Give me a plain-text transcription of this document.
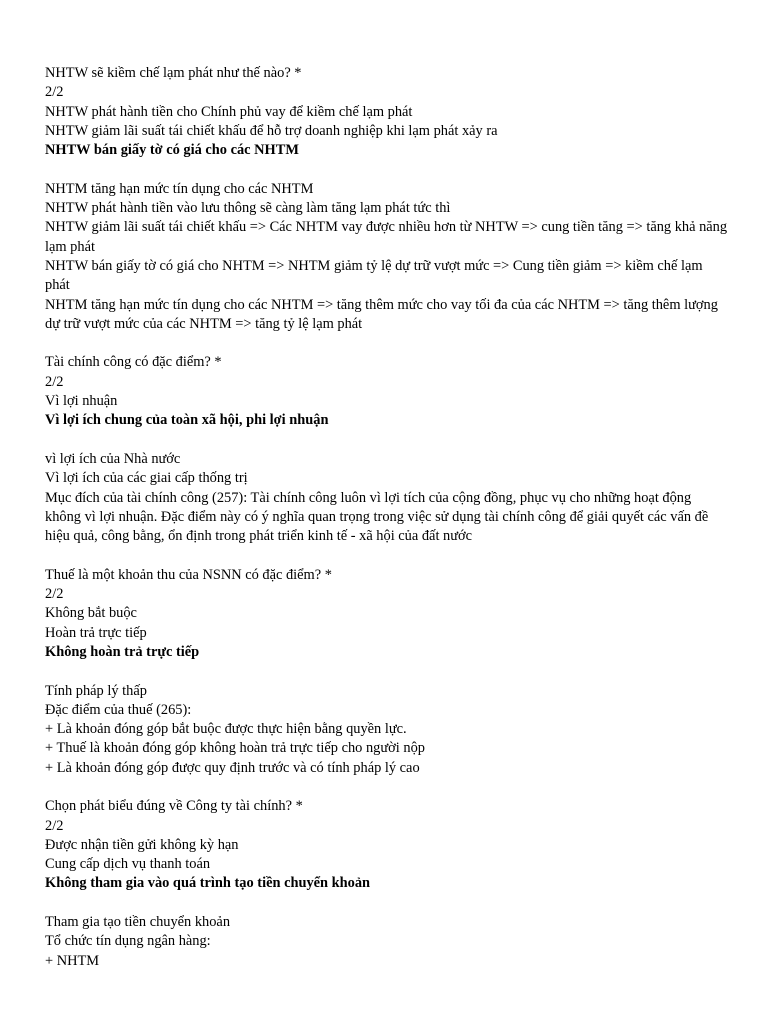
NHTW sẽ kiềm chế lạm phát như thế nào? *
2/2
NHTW phát hành tiền cho Chính phủ vay để kiềm chế lạm phát
NHTW giảm lãi suất tái chiết khấu để hỗ trợ doanh nghiệp khi lạm phát xảy ra
NHTW bán giấy tờ có giá cho các NHTM
NHTM tăng hạn mức tín dụng cho các NHTM
NHTW phát hành tiền vào lưu thông sẽ càng làm tăng lạm phát tức thì
NHTW giảm lãi suất tái chiết khấu => Các NHTM vay được nhiều hơn từ NHTW => cung tiền tăng => tăng khả năng lạm phát
NHTW bán giấy tờ có giá cho NHTM => NHTM giảm tỷ lệ dự trữ vượt mức => Cung tiền giảm => kiềm chế lạm phát
NHTM tăng hạn mức tín dụng cho các NHTM => tăng thêm mức cho vay tối đa của các NHTM => tăng thêm lượng dự trữ vượt mức của các NHTM => tăng tỷ lệ lạm phát
Tài chính công có đặc điểm? *
2/2
Vì lợi nhuận
Vì lợi ích chung của toàn xã hội, phi lợi nhuận
vì lợi ích của Nhà nước
Vì lợi ích của các giai cấp thống trị
Mục đích của tài chính công (257): Tài chính công luôn vì lợi tích của cộng đồng, phục vụ cho những hoạt động không vì lợi nhuận. Đặc điểm này có ý nghĩa quan trọng trong việc sử dụng tài chính công để giải quyết các vấn đề hiệu quả, công bằng, ổn định trong phát triển kinh tế - xã hội của đất nước
Thuế là một khoản thu của NSNN có đặc điểm? *
2/2
Không bắt buộc
Hoàn trả trực tiếp
Không hoàn trả trực tiếp
Tính pháp lý thấp
Đặc điểm của thuế (265):
+ Là khoản đóng góp bắt buộc được thực hiện bằng quyền lực.
+ Thuế là khoản đóng góp không hoàn trả trực tiếp cho người nộp
+ Là khoản đóng góp được quy định trước và có tính pháp lý cao
Chọn phát biểu đúng về Công ty tài chính? *
2/2
Được nhận tiền gửi không kỳ hạn
Cung cấp dịch vụ thanh toán
Không tham gia vào quá trình tạo tiền chuyển khoản
Tham gia tạo tiền chuyển khoản
Tổ chức tín dụng ngân hàng:
+ NHTM
